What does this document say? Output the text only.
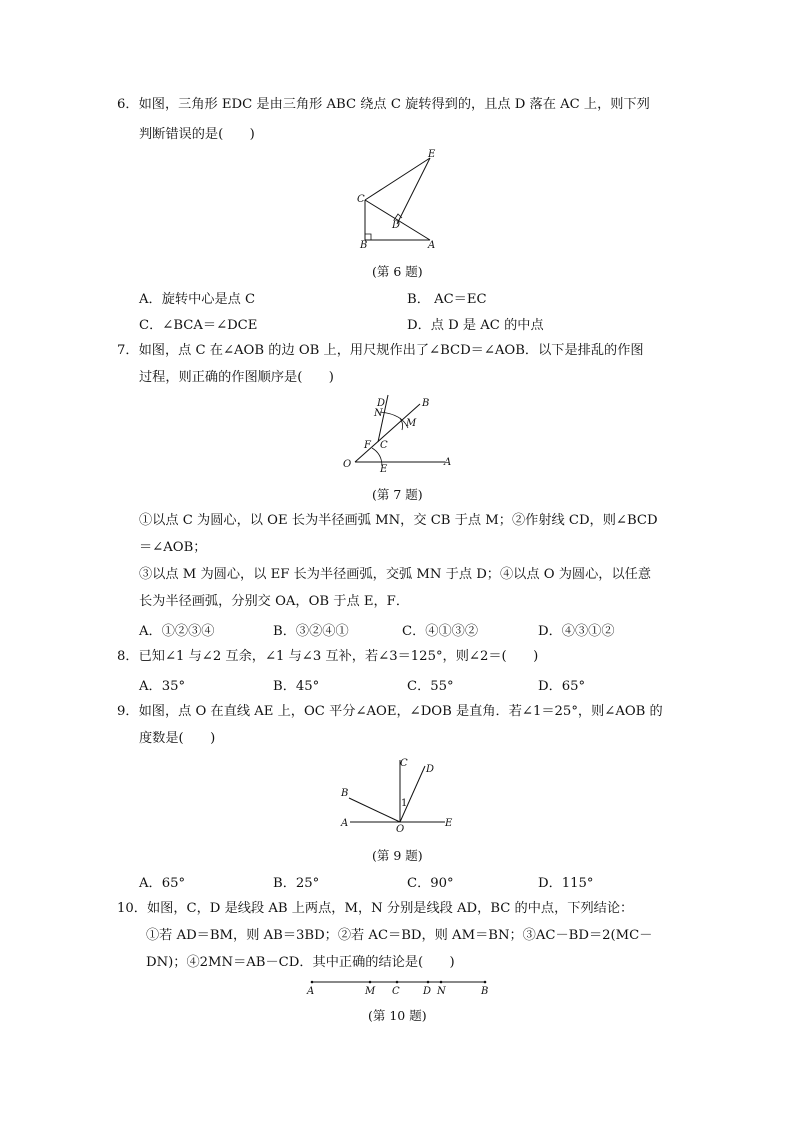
6．如图，三角形 EDC 是由三角形 ABC 绕点 C 旋转得到的，且点 D 落在 AC 上，则下列
判断错误的是(　　)
E
C
D
B	A
(第 6 题)
A．旋转中心是点 C	B． AC＝EC
C．∠BCA＝∠DCE	D．点 D 是 AC 的中点
7．如图，点 C 在∠AOB 的边 OB 上，用尺规作出了∠BCD＝∠AOB．以下是排乱的作图
过程，则正确的作图顺序是(　　)
D
N
B
M
F C
O	E
A
(第 7 题)
①以点 C 为圆心，以 OE 长为半径画弧 MN，交 CB 于点 M；②作射线 CD，则∠BCD
＝∠AOB；
③以点 M 为圆心，以 EF 长为半径画弧，交弧 MN 于点 D；④以点 O 为圆心，以任意
长为半径画弧，分别交 OA，OB 于点 E，F．
A．①②③④	B．③②④①	C．④①③②	D．④③①②
8．已知∠1 与∠2 互余，∠1 与∠3 互补，若∠3＝125°，则∠2＝(　　)
A．35°	B．45°	C．55°	D．65°
9．如图，点 O 在直线 AE 上，OC 平分∠AOE，∠DOB 是直角．若∠1＝25°，则∠AOB 的
度数是(　　)
C
D
B
1
A
O
E
(第 9 题)
A．65°	B．25°	C．90°	D．115°
10．如图，C，D 是线段 AB 上两点，M，N 分别是线段 AD，BC 的中点，下列结论：
①若 AD＝BM，则 AB＝3BD；②若 AC＝BD，则 AM＝BN；③AC－BD＝2(MC－
DN)；④2MN＝AB－CD．其中正确的结论是(　　)
A	M C D N	B
(第 10 题)
